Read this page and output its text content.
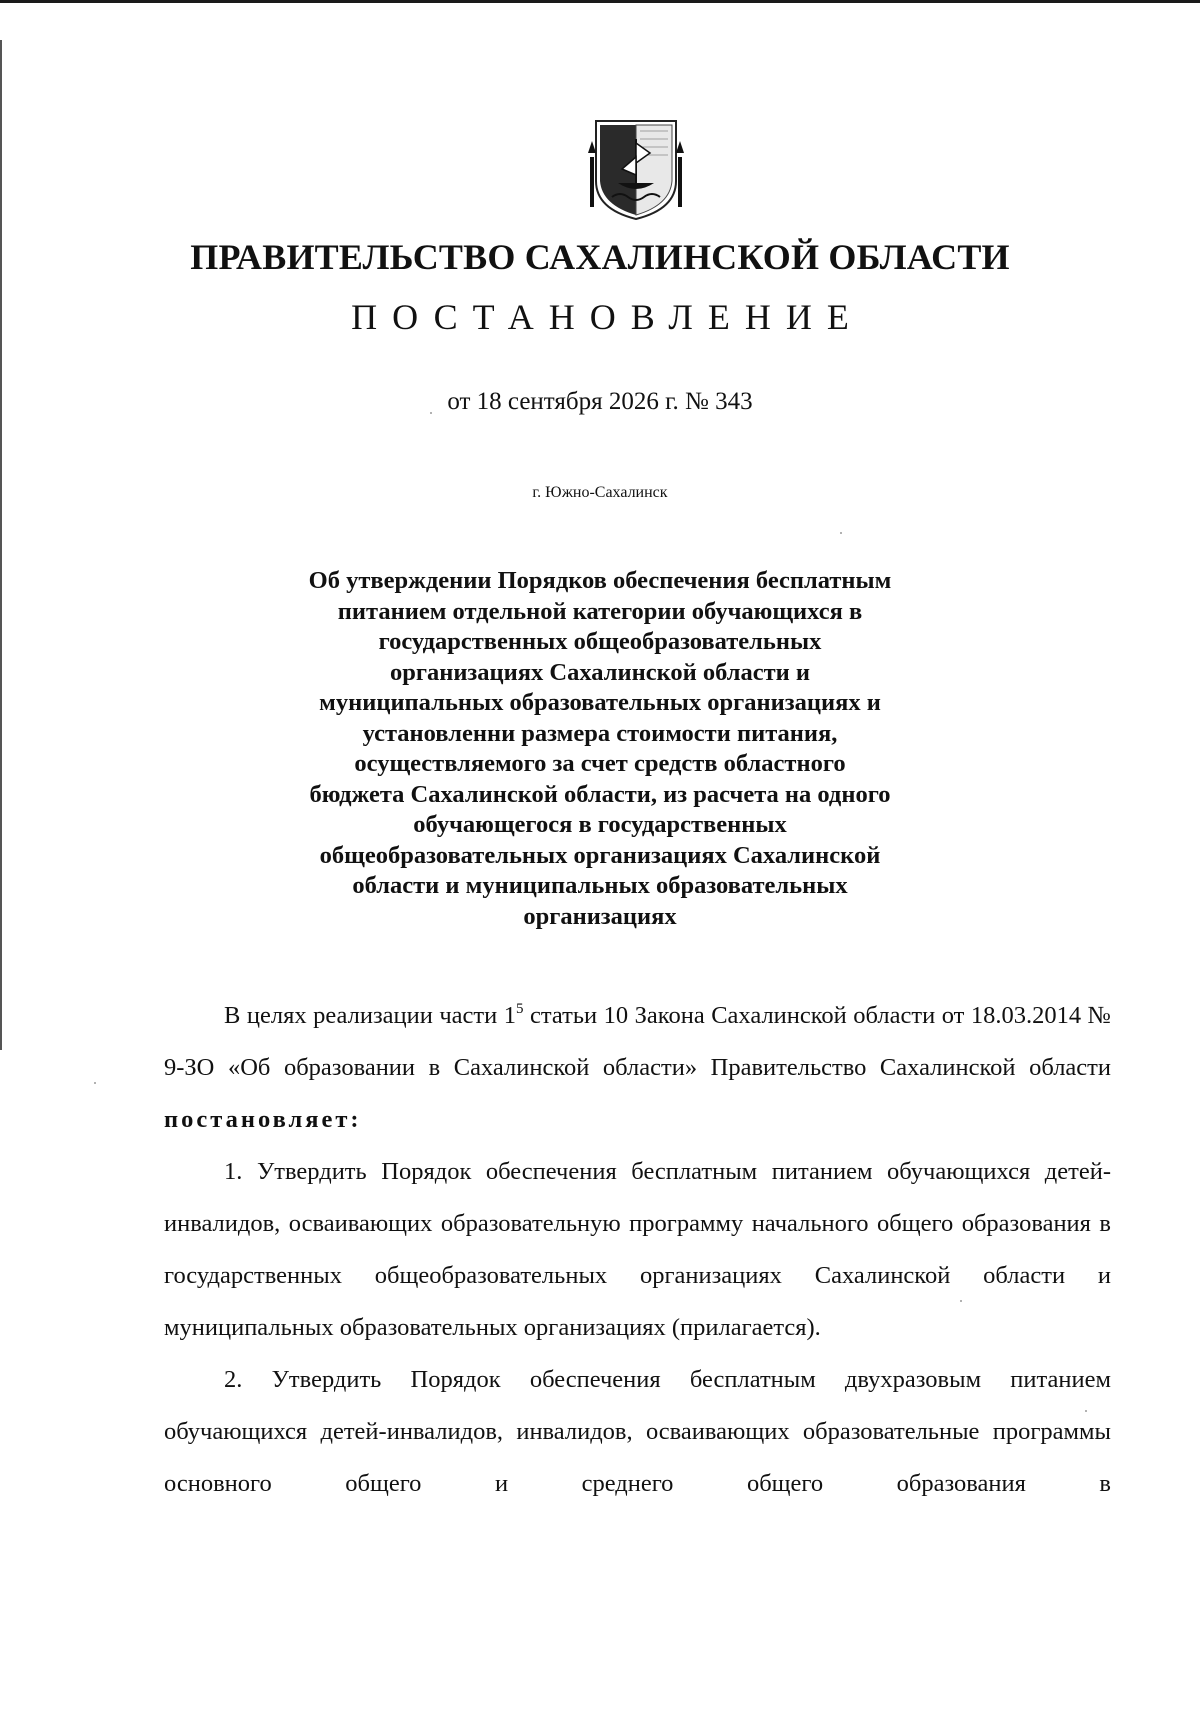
ПРАВИТЕЛЬСТВО САХАЛИНСКОЙ ОБЛАСТИ
ПОСТАНОВЛЕНИЕ
от 18 сентября 2026 г. № 343
г. Южно-Сахалинск
Об утверждении Порядков обеспечения бесплатным
питанием отдельной категории обучающихся в
государственных общеобразовательных
организациях Сахалинской области и
муниципальных образовательных организациях и
установленни размера стоимости питания,
осуществляемого за счет средств областного
бюджета Сахалинской области, из расчета на одного
обучающегося в государственных
общеобразовательных организациях Сахалинской
области и муниципальных образовательных
организациях

В целях реализации части $1^5$ статьи 10 Закона Сахалинской области от 18.03.2014 № 9-ЗО «Об образовании в Сахалинской области» Правительство Сахалинской области постановляет:

1. Утвердить Порядок обеспечения бесплатным питанием обучающихся детей-инвалидов, осваивающих образовательную программу начального общего образования в государственных общеобразовательных организациях Сахалинской области и муниципальных образовательных организациях (прилагается).

2. Утвердить Порядок обеспечения бесплатным двухразовым питанием обучающихся детей-инвалидов, инвалидов, осваивающих образовательные программы основного общего и среднего общего образования в
